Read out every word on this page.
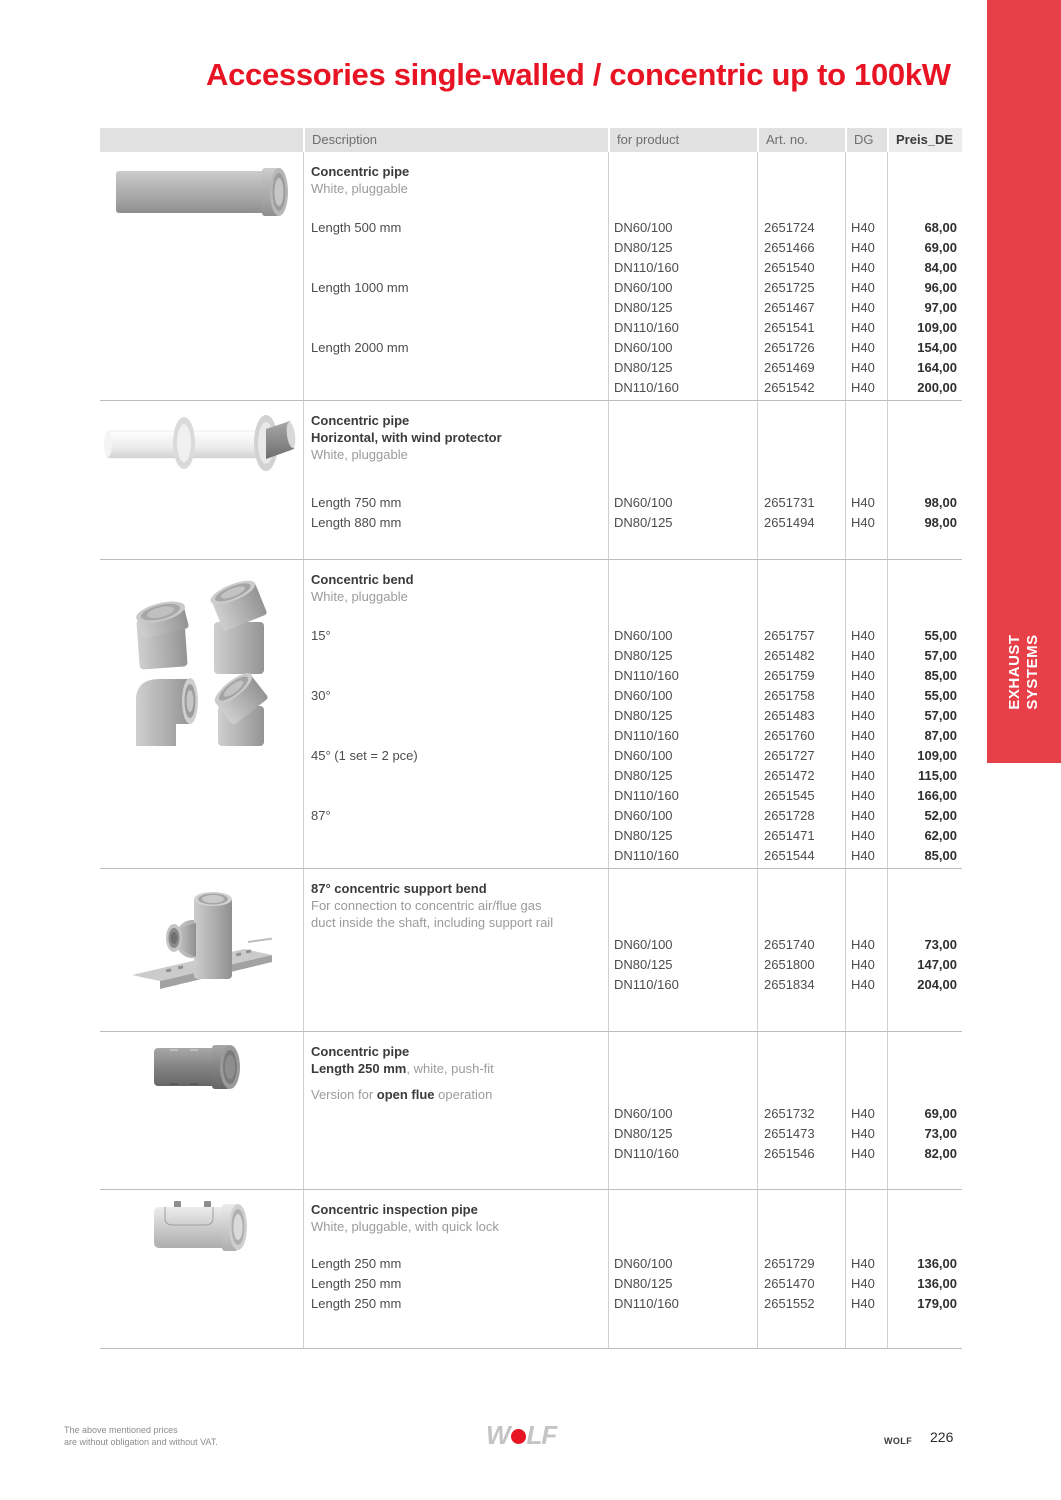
EXHAUST SYSTEMS
Accessories single-walled / concentric up to 100kW
Description	for product	Art. no.	DG	Preis_DE
Concentric pipe
White, pluggable
Length 500 mm	DN60/100	2651724	H40	68,00
DN80/125	2651466	H40	69,00
DN110/160	2651540	H40	84,00
Length 1000 mm	DN60/100	2651725	H40	96,00
DN80/125	2651467	H40	97,00
DN110/160	2651541	H40	109,00
Length 2000 mm	DN60/100	2651726	H40	154,00
DN80/125	2651469	H40	164,00
DN110/160	2651542	H40	200,00
Concentric pipe
Horizontal, with wind protector
White, pluggable
Length 750 mm	DN60/100	2651731	H40	98,00
Length 880 mm	DN80/125	2651494	H40	98,00
Concentric bend
White, pluggable
15°	DN60/100	2651757	H40	55,00
DN80/125	2651482	H40	57,00
DN110/160	2651759	H40	85,00
30°	DN60/100	2651758	H40	55,00
DN80/125	2651483	H40	57,00
DN110/160	2651760	H40	87,00
45° (1 set = 2 pce)	DN60/100	2651727	H40	109,00
DN80/125	2651472	H40	115,00
DN110/160	2651545	H40	166,00
87°	DN60/100	2651728	H40	52,00
DN80/125	2651471	H40	62,00
DN110/160	2651544	H40	85,00
87° concentric support bend
For connection to concentric air/flue gas
duct inside the shaft, including support rail
DN60/100	2651740	H40	73,00
DN80/125	2651800	H40	147,00
DN110/160	2651834	H40	204,00
Concentric pipe
Length 250 mm, white, push-fit
Version for open flue operation
DN60/100	2651732	H40	69,00
DN80/125	2651473	H40	73,00
DN110/160	2651546	H40	82,00
Concentric inspection pipe
White, pluggable, with quick lock
Length 250 mm	DN60/100	2651729	H40	136,00
Length 250 mm	DN80/125	2651470	H40	136,00
Length 250 mm	DN110/160	2651552	H40	179,00
The above mentioned prices
are without obligation and without VAT.	W LF	WOLF 226
